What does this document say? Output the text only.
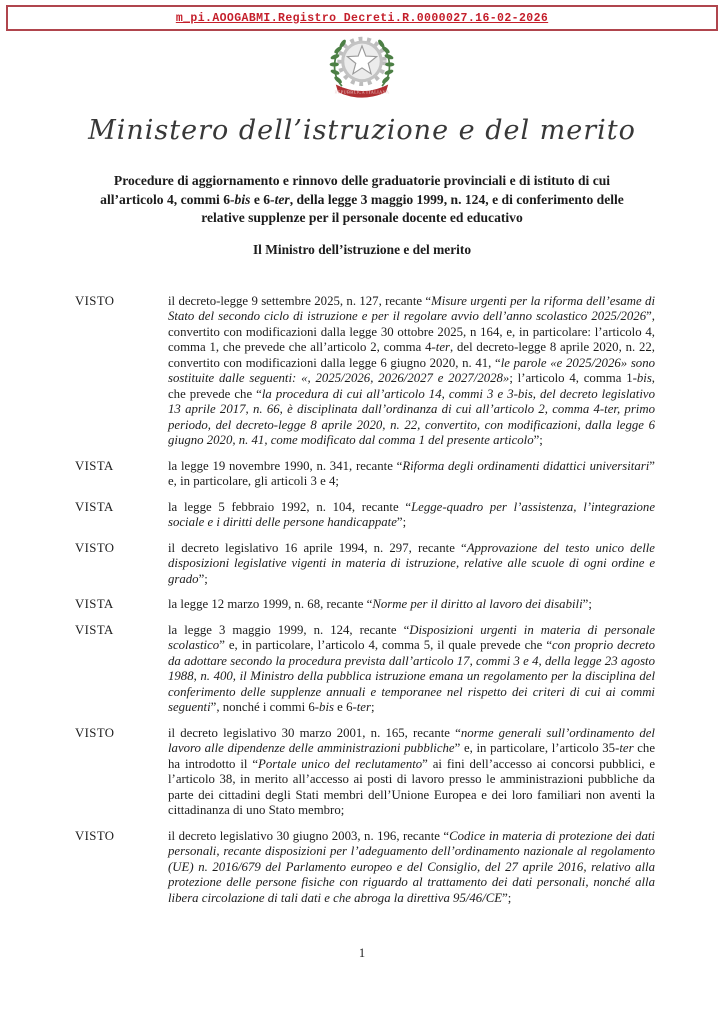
m_pi.AOOGABMI.Registro Decreti.R.0000027.16-02-2026
REPUBBLICA ITALIANA
Ministero dell’istruzione e del merito
Procedure di aggiornamento e rinnovo delle graduatorie provinciali e di istituto di cui all’articolo 4, commi 6-bis e 6-ter, della legge 3 maggio 1999, n. 124, e di conferimento delle relative supplenze per il personale docente ed educativo
Il Ministro dell’istruzione e del merito
VISTO	il decreto-legge 9 settembre 2025, n. 127, recante “Misure urgenti per la riforma dell’esame di Stato del secondo ciclo di istruzione e per il regolare avvio dell’anno scolastico 2025/2026”, convertito con modificazioni dalla legge 30 ottobre 2025, n 164, e, in particolare: l’articolo 4, comma 1, che prevede che all’articolo 2, comma 4-ter, del decreto-legge 8 aprile 2020, n. 22, convertito con modificazioni dalla legge 6 giugno 2020, n. 41, “le parole «e 2025/2026» sono sostituite dalle seguenti: «, 2025/2026, 2026/2027 e 2027/2028»; l’articolo 4, comma 1-bis, che prevede che “la procedura di cui all’articolo 14, commi 3 e 3-bis, del decreto legislativo 13 aprile 2017, n. 66, è disciplinata dall’ordinanza di cui all’articolo 2, comma 4-ter, primo periodo, del decreto-legge 8 aprile 2020, n. 22, convertito, con modificazioni, dalla legge 6 giugno 2020, n. 41, come modificato dal comma 1 del presente articolo”;
VISTA	la legge 19 novembre 1990, n. 341, recante “Riforma degli ordinamenti didattici universitari” e, in particolare, gli articoli 3 e 4;
VISTA	la legge 5 febbraio 1992, n. 104, recante “Legge-quadro per l’assistenza, l’integrazione sociale e i diritti delle persone handicappate”;
VISTO	il decreto legislativo 16 aprile 1994, n. 297, recante “Approvazione del testo unico delle disposizioni legislative vigenti in materia di istruzione, relative alle scuole di ogni ordine e grado”;
VISTA	la legge 12 marzo 1999, n. 68, recante “Norme per il diritto al lavoro dei disabili”;
VISTA	la legge 3 maggio 1999, n. 124, recante “Disposizioni urgenti in materia di personale scolastico” e, in particolare, l’articolo 4, comma 5, il quale prevede che “con proprio decreto da adottare secondo la procedura prevista dall’articolo 17, commi 3 e 4, della legge 23 agosto 1988, n. 400, il Ministro della pubblica istruzione emana un regolamento per la disciplina del conferimento delle supplenze annuali e temporanee nel rispetto dei criteri di cui ai commi seguenti”, nonché i commi 6-bis e 6-ter;
VISTO	il decreto legislativo 30 marzo 2001, n. 165, recante “norme generali sull’ordinamento del lavoro alle dipendenze delle amministrazioni pubbliche” e, in particolare, l’articolo 35-ter che ha introdotto il “Portale unico del reclutamento” ai fini dell’accesso ai concorsi pubblici, e l’articolo 38, in merito all’accesso ai posti di lavoro presso le amministrazioni pubbliche da parte dei cittadini degli Stati membri dell’Unione Europea e dei loro familiari non aventi la cittadinanza di uno Stato membro;
VISTO	il decreto legislativo 30 giugno 2003, n. 196, recante “Codice in materia di protezione dei dati personali, recante disposizioni per l’adeguamento dell’ordinamento nazionale al regolamento (UE) n. 2016/679 del Parlamento europeo e del Consiglio, del 27 aprile 2016, relativo alla protezione delle persone fisiche con riguardo al trattamento dei dati personali, nonché alla libera circolazione di tali dati e che abroga la direttiva 95/46/CE”;
1
